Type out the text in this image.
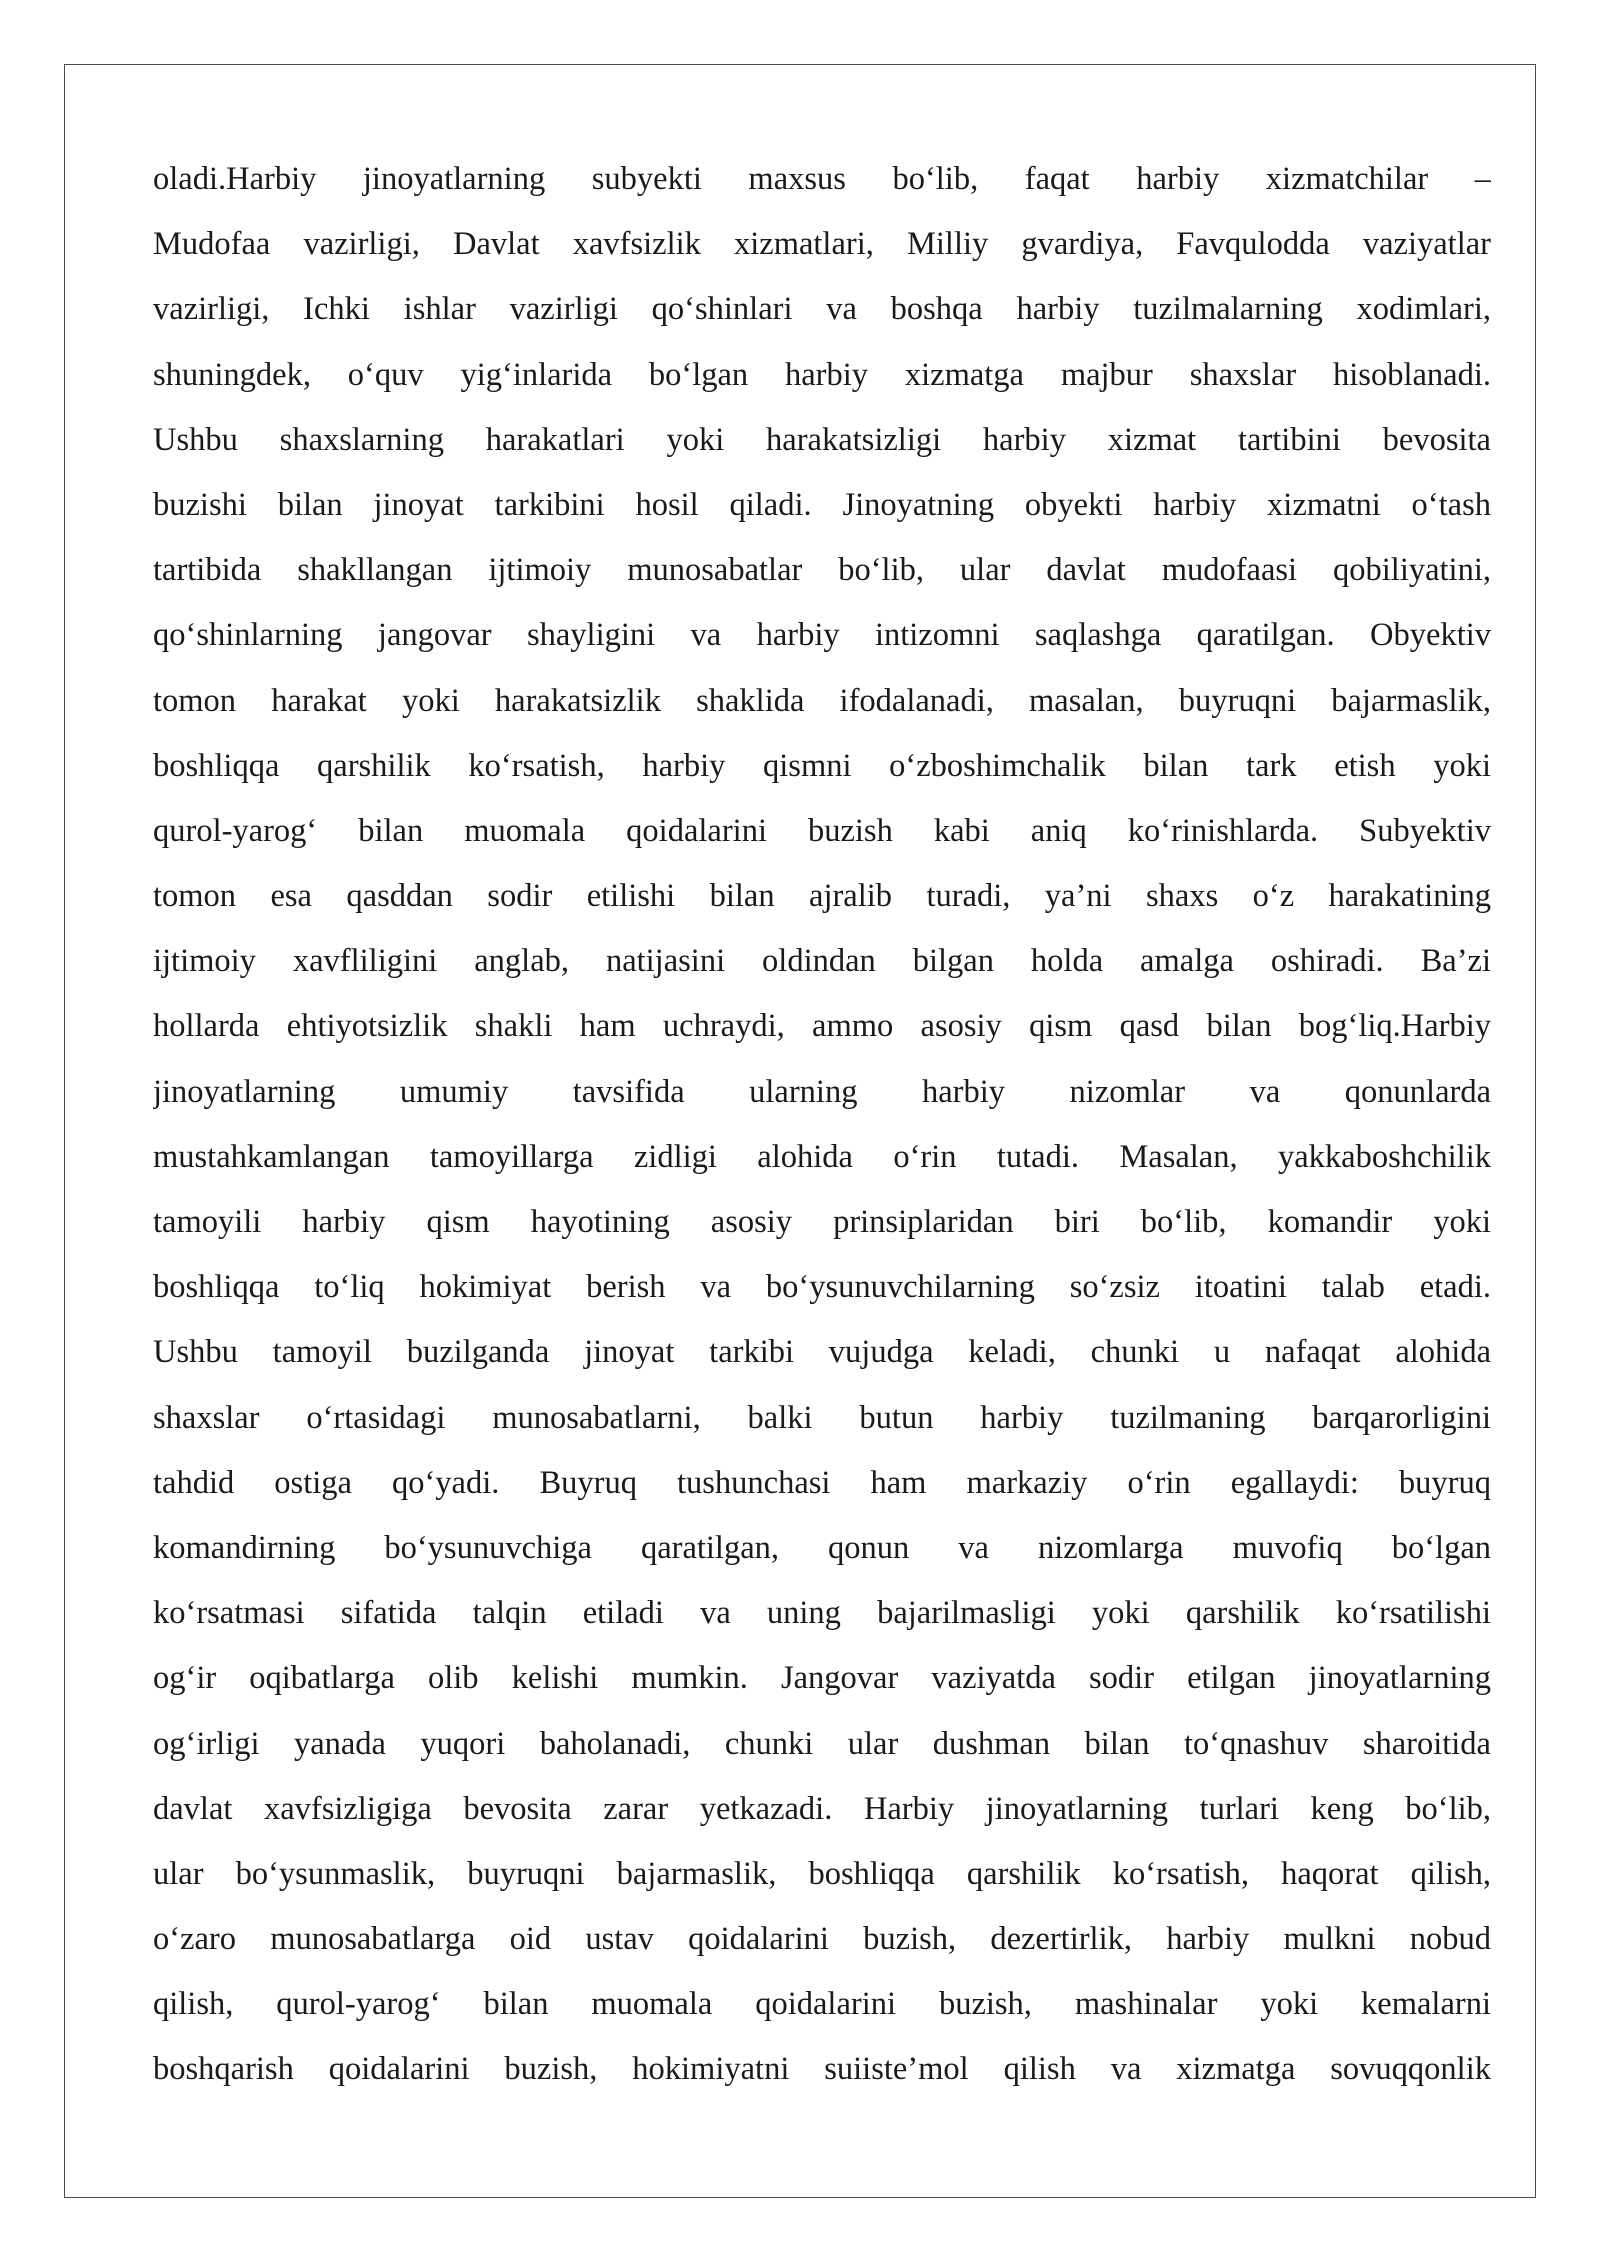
oladi.Harbiy jinoyatlarning subyekti maxsus bo‘lib, faqat harbiy xizmatchilar –
Mudofaa vazirligi, Davlat xavfsizlik xizmatlari, Milliy gvardiya, Favqulodda vaziyatlar
vazirligi, Ichki ishlar vazirligi qo‘shinlari va boshqa harbiy tuzilmalarning xodimlari,
shuningdek, o‘quv yig‘inlarida bo‘lgan harbiy xizmatga majbur shaxslar hisoblanadi.
Ushbu shaxslarning harakatlari yoki harakatsizligi harbiy xizmat tartibini bevosita
buzishi bilan jinoyat tarkibini hosil qiladi. Jinoyatning obyekti harbiy xizmatni o‘tash
tartibida shakllangan ijtimoiy munosabatlar bo‘lib, ular davlat mudofaasi qobiliyatini,
qo‘shinlarning jangovar shayligini va harbiy intizomni saqlashga qaratilgan. Obyektiv
tomon harakat yoki harakatsizlik shaklida ifodalanadi, masalan, buyruqni bajarmaslik,
boshliqqa qarshilik ko‘rsatish, harbiy qismni o‘zboshimchalik bilan tark etish yoki
qurol-yarog‘ bilan muomala qoidalarini buzish kabi aniq ko‘rinishlarda. Subyektiv
tomon esa qasddan sodir etilishi bilan ajralib turadi, ya’ni shaxs o‘z harakatining
ijtimoiy xavfliligini anglab, natijasini oldindan bilgan holda amalga oshiradi. Ba’zi
hollarda ehtiyotsizlik shakli ham uchraydi, ammo asosiy qism qasd bilan bog‘liq.Harbiy
jinoyatlarning umumiy tavsifida ularning harbiy nizomlar va qonunlarda
mustahkamlangan tamoyillarga zidligi alohida o‘rin tutadi. Masalan, yakkaboshchilik
tamoyili harbiy qism hayotining asosiy prinsiplaridan biri bo‘lib, komandir yoki
boshliqqa to‘liq hokimiyat berish va bo‘ysunuvchilarning so‘zsiz itoatini talab etadi.
Ushbu tamoyil buzilganda jinoyat tarkibi vujudga keladi, chunki u nafaqat alohida
shaxslar o‘rtasidagi munosabatlarni, balki butun harbiy tuzilmaning barqarorligini
tahdid ostiga qo‘yadi. Buyruq tushunchasi ham markaziy o‘rin egallaydi: buyruq
komandirning bo‘ysunuvchiga qaratilgan, qonun va nizomlarga muvofiq bo‘lgan
ko‘rsatmasi sifatida talqin etiladi va uning bajarilmasligi yoki qarshilik ko‘rsatilishi
og‘ir oqibatlarga olib kelishi mumkin. Jangovar vaziyatda sodir etilgan jinoyatlarning
og‘irligi yanada yuqori baholanadi, chunki ular dushman bilan to‘qnashuv sharoitida
davlat xavfsizligiga bevosita zarar yetkazadi. Harbiy jinoyatlarning turlari keng bo‘lib,
ular bo‘ysunmaslik, buyruqni bajarmaslik, boshliqqa qarshilik ko‘rsatish, haqorat qilish,
o‘zaro munosabatlarga oid ustav qoidalarini buzish, dezertirlik, harbiy mulkni nobud
qilish, qurol-yarog‘ bilan muomala qoidalarini buzish, mashinalar yoki kemalarni
boshqarish qoidalarini buzish, hokimiyatni suiiste’mol qilish va xizmatga sovuqqonlik
